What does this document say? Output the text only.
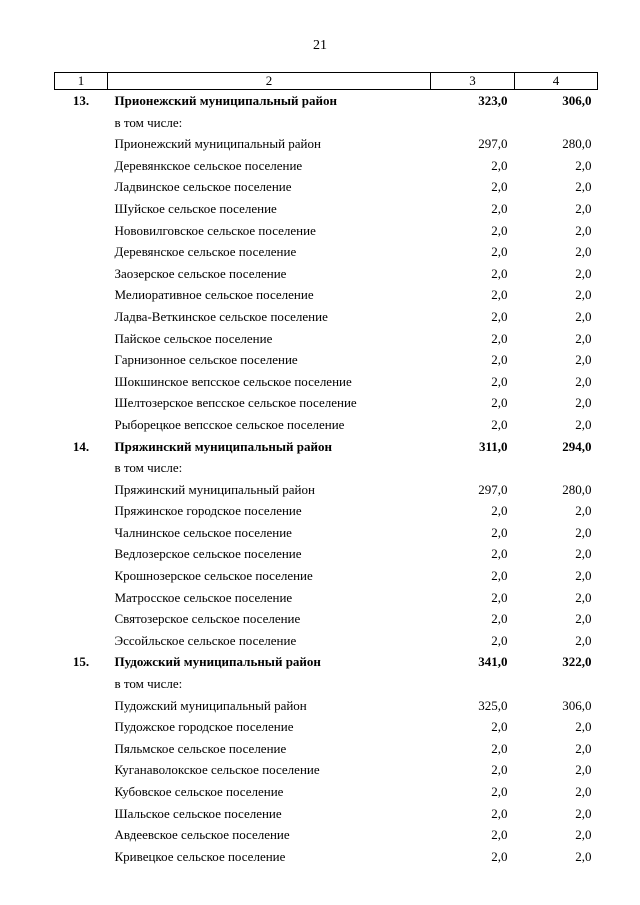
21
1	2	3	4
13.	Прионежский муниципальный район	323,0	306,0
	в том числе:		
	Прионежский муниципальный район	297,0	280,0
	Деревянкское сельское поселение	2,0	2,0
	Ладвинское сельское поселение	2,0	2,0
	Шуйское сельское поселение	2,0	2,0
	Нововилговское сельское поселение	2,0	2,0
	Деревянское сельское поселение	2,0	2,0
	Заозерское сельское поселение	2,0	2,0
	Мелиоративное сельское поселение	2,0	2,0
	Ладва-Веткинское сельское поселение	2,0	2,0
	Пайское сельское поселение	2,0	2,0
	Гарнизонное сельское поселение	2,0	2,0
	Шокшинское вепсское сельское поселение	2,0	2,0
	Шелтозерское вепсское сельское поселение	2,0	2,0
	Рыборецкое вепсское сельское поселение	2,0	2,0
14.	Пряжинский муниципальный район	311,0	294,0
	в том числе:		
	Пряжинский муниципальный район	297,0	280,0
	Пряжинское городское поселение	2,0	2,0
	Чалнинское сельское поселение	2,0	2,0
	Ведлозерское сельское поселение	2,0	2,0
	Крошнозерское сельское поселение	2,0	2,0
	Матросское сельское поселение	2,0	2,0
	Святозерское сельское поселение	2,0	2,0
	Эссойльское сельское поселение	2,0	2,0
15.	Пудожский муниципальный район	341,0	322,0
	в том числе:		
	Пудожский муниципальный район	325,0	306,0
	Пудожское городское поселение	2,0	2,0
	Пяльмское сельское поселение	2,0	2,0
	Куганаволокское сельское поселение	2,0	2,0
	Кубовское сельское поселение	2,0	2,0
	Шальское сельское поселение	2,0	2,0
	Авдеевское сельское поселение	2,0	2,0
	Кривецкое сельское поселение	2,0	2,0
